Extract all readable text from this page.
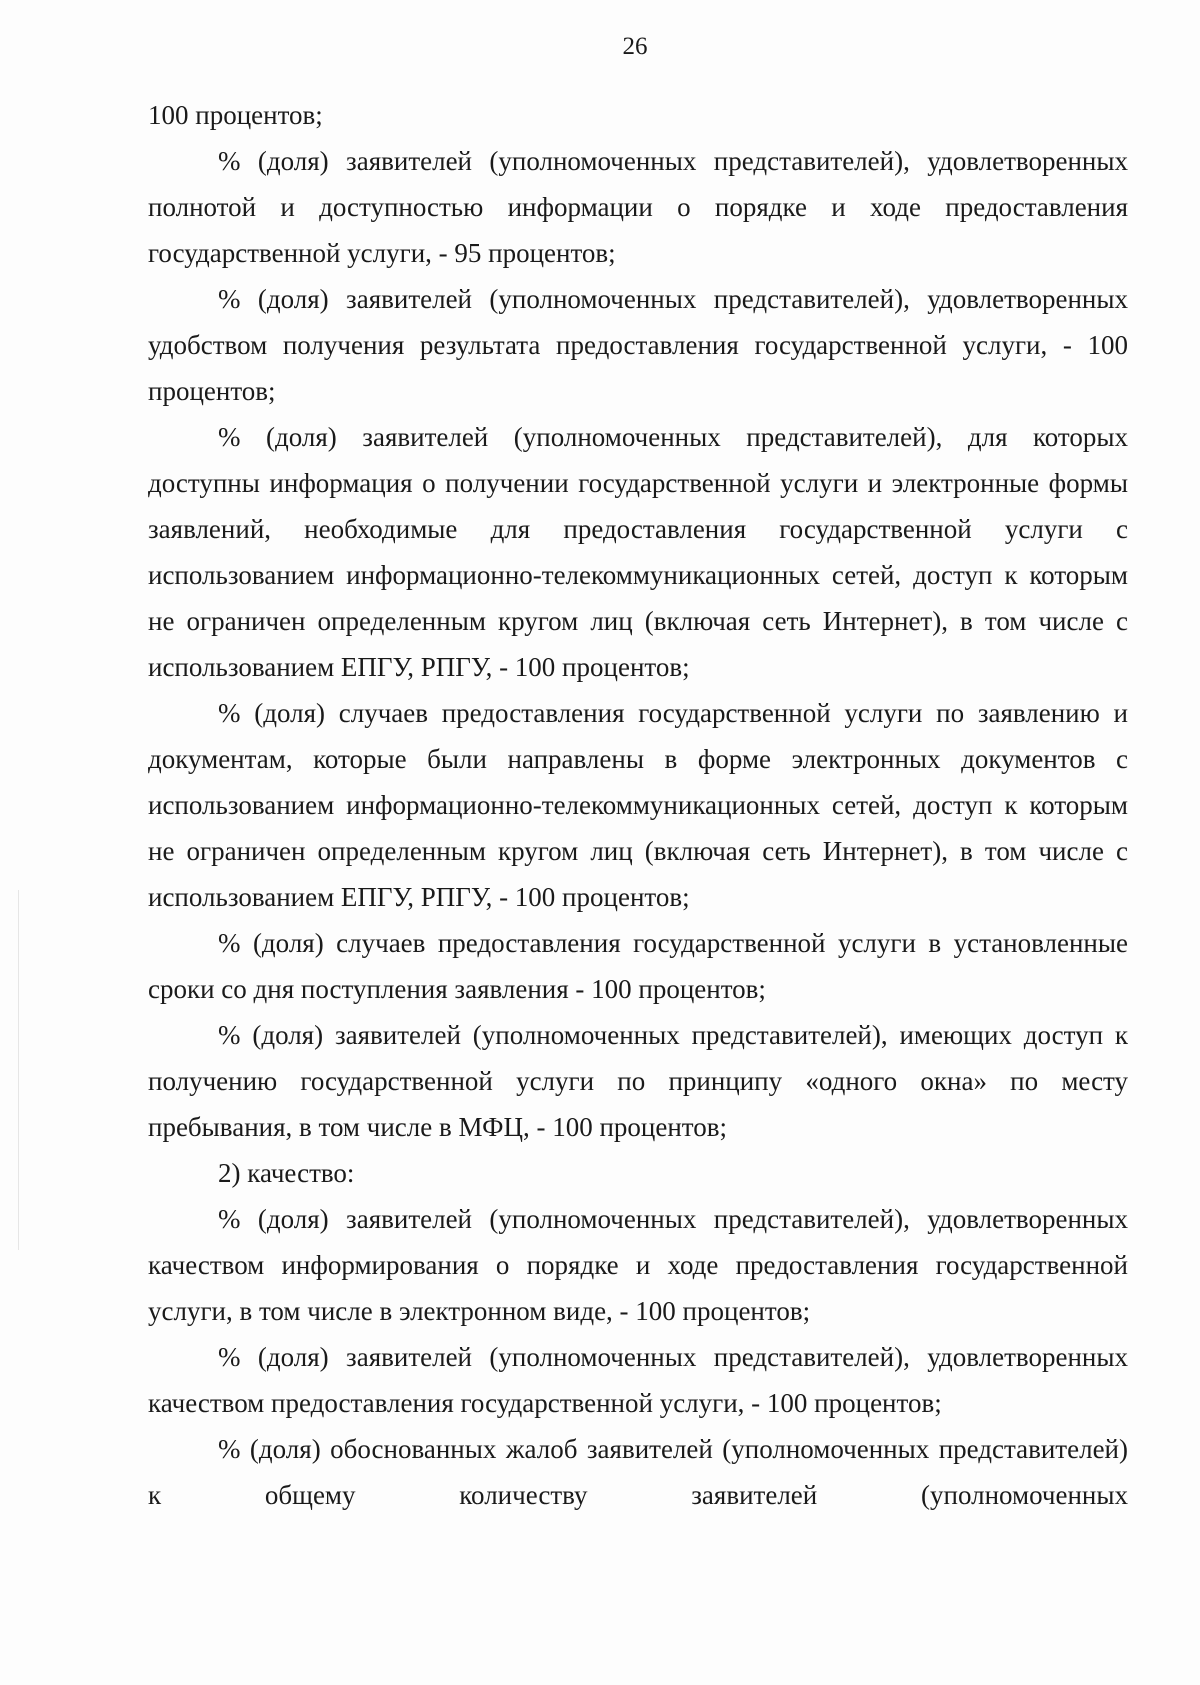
26

100 процентов;

% (доля) заявителей (уполномоченных представителей), удовлетворенных полнотой и доступностью информации о порядке и ходе предоставления государственной услуги, - 95 процентов;

% (доля) заявителей (уполномоченных представителей), удовлетворенных удобством получения результата предоставления государственной услуги, - 100 процентов;

% (доля) заявителей (уполномоченных представителей), для которых доступны информация о получении государственной услуги и электронные формы заявлений, необходимые для предоставления государственной услуги с использованием информационно-телекоммуникационных сетей, доступ к которым не ограничен определенным кругом лиц (включая сеть Интернет), в том числе с использованием ЕПГУ, РПГУ, - 100 процентов;

% (доля) случаев предоставления государственной услуги по заявлению и документам, которые были направлены в форме электронных документов с использованием информационно-телекоммуникационных сетей, доступ к которым не ограничен определенным кругом лиц (включая сеть Интернет), в том числе с использованием ЕПГУ, РПГУ, - 100 процентов;

% (доля) случаев предоставления государственной услуги в установленные сроки со дня поступления заявления - 100 процентов;

% (доля) заявителей (уполномоченных представителей), имеющих доступ к получению государственной услуги по принципу «одного окна» по месту пребывания, в том числе в МФЦ, - 100 процентов;

2) качество:

% (доля) заявителей (уполномоченных представителей), удовлетворенных качеством информирования о порядке и ходе предоставления государственной услуги, в том числе в электронном виде, - 100 процентов;

% (доля) заявителей (уполномоченных представителей), удовлетворенных качеством предоставления государственной услуги, - 100 процентов;

% (доля) обоснованных жалоб заявителей (уполномоченных представителей) к общему количеству заявителей (уполномоченных
